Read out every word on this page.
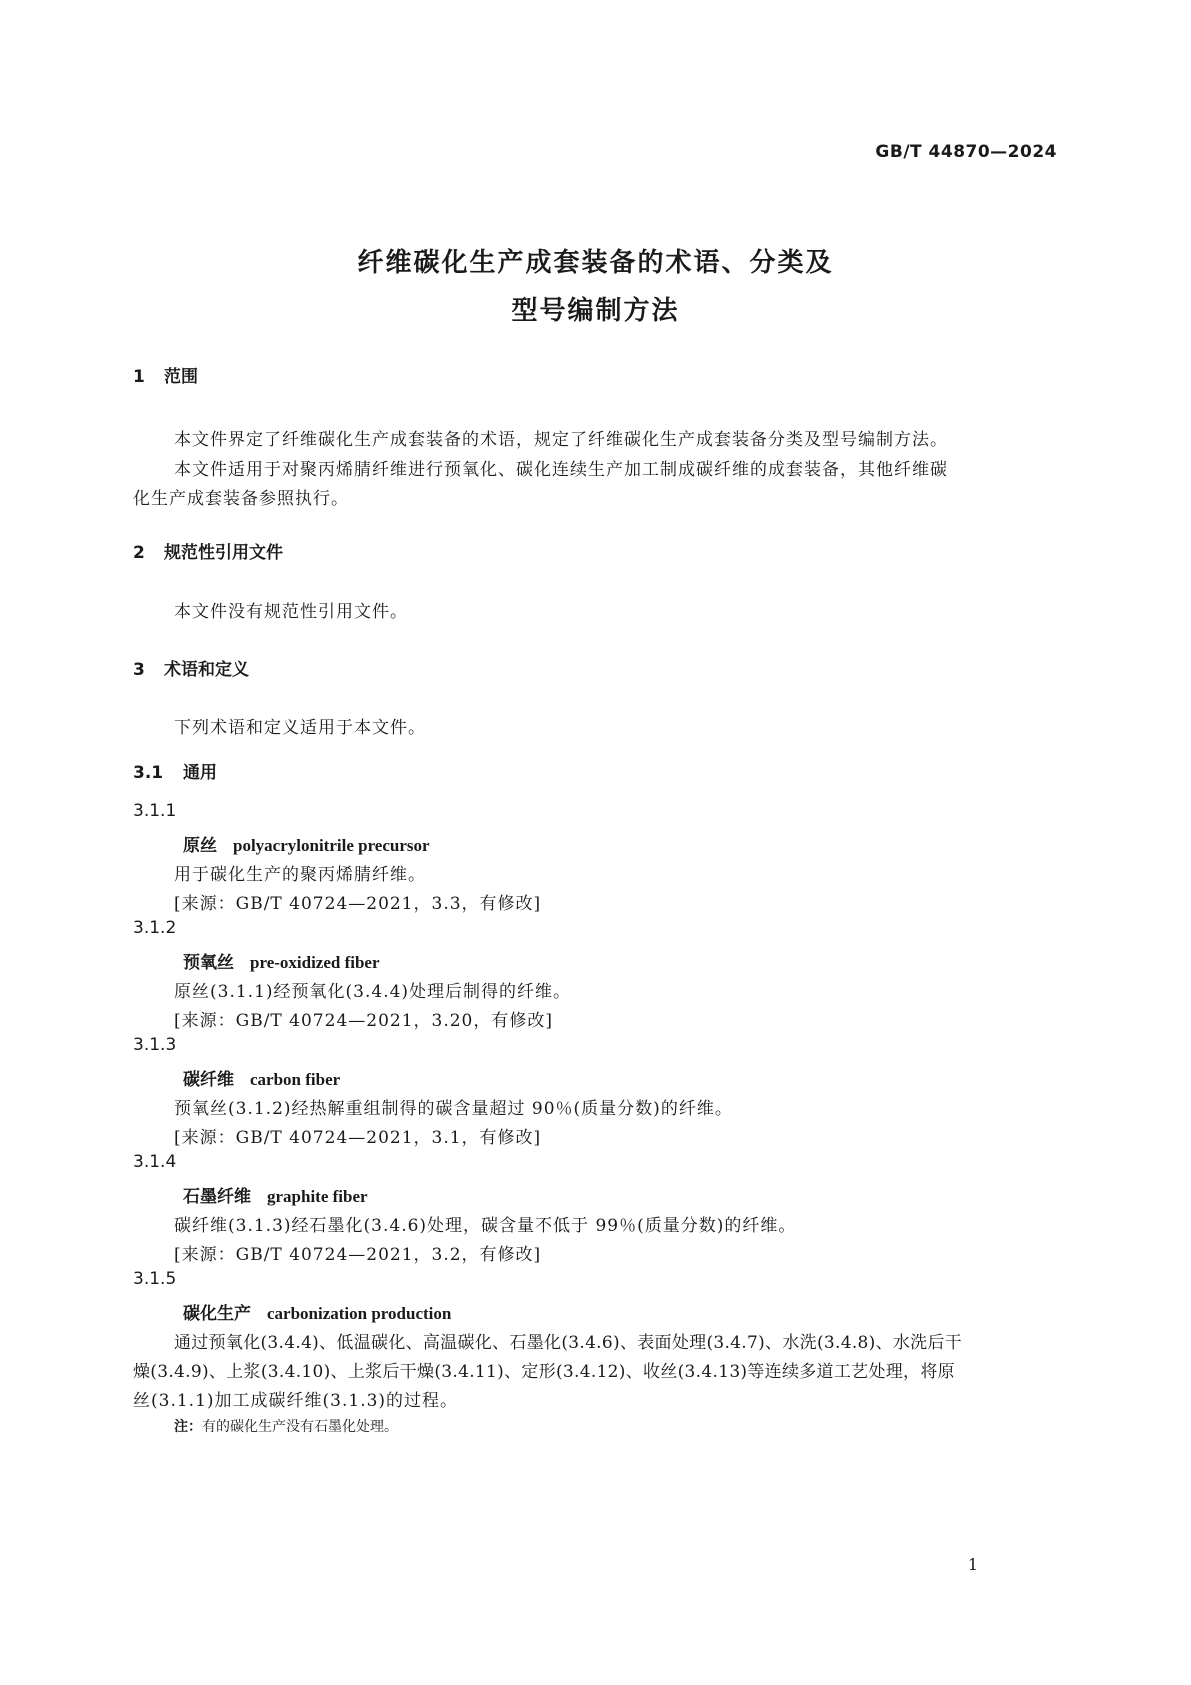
GB/T 44870—2024
纤维碳化生产成套装备的术语、分类及
型号编制方法
1 范围
本文件界定了纤维碳化生产成套装备的术语，规定了纤维碳化生产成套装备分类及型号编制方法。
本文件适用于对聚丙烯腈纤维进行预氧化、碳化连续生产加工制成碳纤维的成套装备，其他纤维碳
化生产成套装备参照执行。
2 规范性引用文件
本文件没有规范性引用文件。
3 术语和定义
下列术语和定义适用于本文件。
3.1 通用
3.1.1
原丝 polyacrylonitrile precursor
用于碳化生产的聚丙烯腈纤维。
[来源：GB/T 40724—2021，3.3，有修改]
3.1.2
预氧丝 pre-oxidized fiber
原丝(3.1.1)经预氧化(3.4.4)处理后制得的纤维。
[来源：GB/T 40724—2021，3.20，有修改]
3.1.3
碳纤维 carbon fiber
预氧丝(3.1.2)经热解重组制得的碳含量超过 90％(质量分数)的纤维。
[来源：GB/T 40724—2021，3.1，有修改]
3.1.4
石墨纤维 graphite fiber
碳纤维(3.1.3)经石墨化(3.4.6)处理，碳含量不低于 99％(质量分数)的纤维。
[来源：GB/T 40724—2021，3.2，有修改]
3.1.5
碳化生产 carbonization production
通过预氧化(3.4.4)、低温碳化、高温碳化、石墨化(3.4.6)、表面处理(3.4.7)、水洗(3.4.8)、水洗后干
燥(3.4.9)、上浆(3.4.10)、上浆后干燥(3.4.11)、定形(3.4.12)、收丝(3.4.13)等连续多道工艺处理，将原
丝(3.1.1)加工成碳纤维(3.1.3)的过程。
注：有的碳化生产没有石墨化处理。
1
